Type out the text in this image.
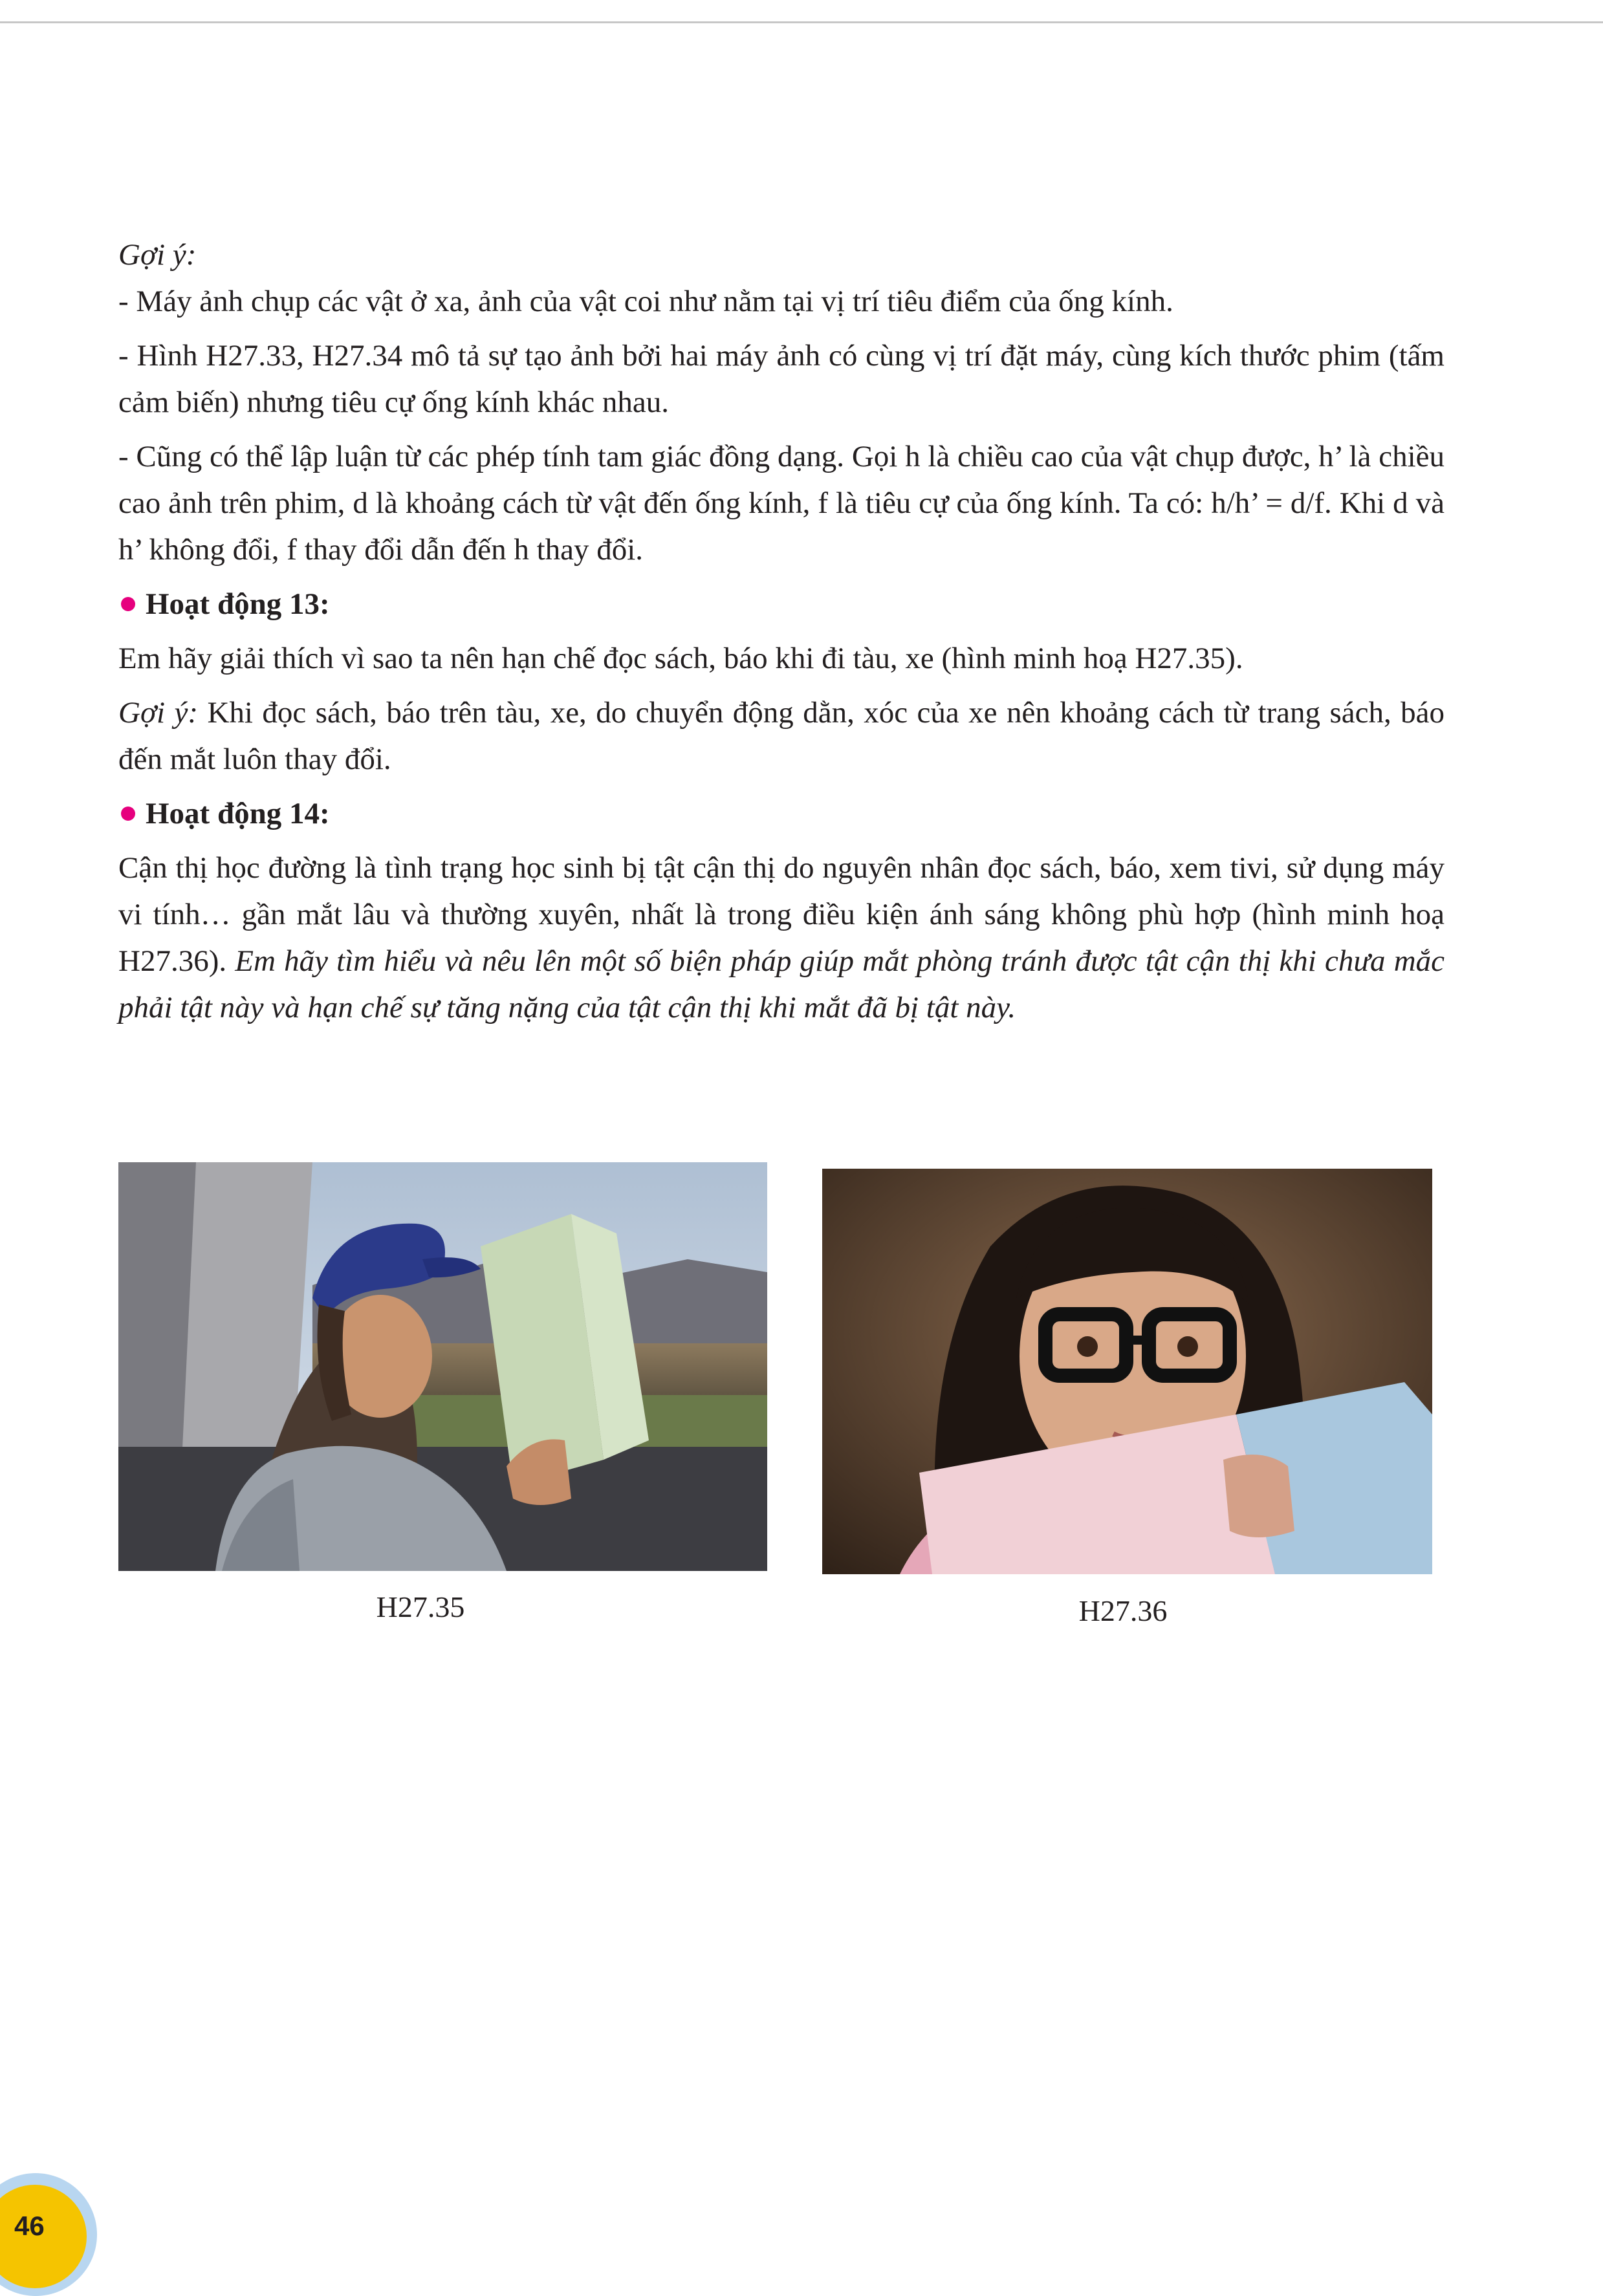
Gợi ý:

- Máy ảnh chụp các vật ở xa, ảnh của vật coi như nằm tại vị trí tiêu điểm của ống kính.

- Hình H27.33, H27.34 mô tả sự tạo ảnh bởi hai máy ảnh có cùng vị trí đặt máy, cùng kích thước phim (tấm cảm biến) nhưng tiêu cự ống kính khác nhau.

- Cũng có thể lập luận từ các phép tính tam giác đồng dạng. Gọi h là chiều cao của vật chụp được, h’ là chiều cao ảnh trên phim, d là khoảng cách từ vật đến ống kính, f là tiêu cự của ống kính. Ta có: h/h’ = d/f. Khi d và h’ không đổi, f thay đổi dẫn đến h thay đổi.

Hoạt động 13:

Em hãy giải thích vì sao ta nên hạn chế đọc sách, báo khi đi tàu, xe (hình minh hoạ H27.35).

Gợi ý: Khi đọc sách, báo trên tàu, xe, do chuyển động dằn, xóc của xe nên khoảng cách từ trang sách, báo đến mắt luôn thay đổi.

Hoạt động 14:

Cận thị học đường là tình trạng học sinh bị tật cận thị do nguyên nhân đọc sách, báo, xem tivi, sử dụng máy vi tính… gần mắt lâu và thường xuyên, nhất là trong điều kiện ánh sáng không phù hợp (hình minh hoạ H27.36). Em hãy tìm hiểu và nêu lên một số biện pháp giúp mắt phòng tránh được tật cận thị khi chưa mắc phải tật này và hạn chế sự tăng nặng của tật cận thị khi mắt đã bị tật này.

H27.35	H27.36
46
